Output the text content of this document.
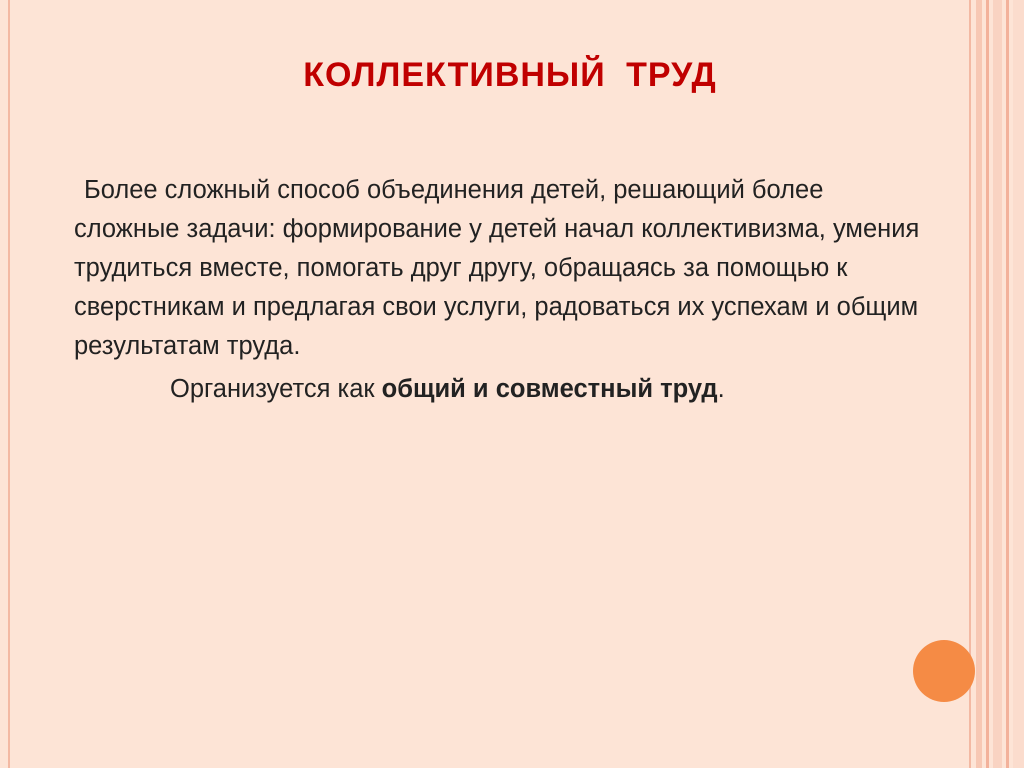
КОЛЛЕКТИВНЫЙ ТРУД

Более сложный способ объединения детей, решающий более сложные задачи: формирование у детей начал коллективизма, умения трудиться вместе, помогать друг другу, обращаясь за помощью к сверстникам и предлагая свои услуги, радоваться их успехам и общим результатам труда.

Организуется как общий и совместный труд.
